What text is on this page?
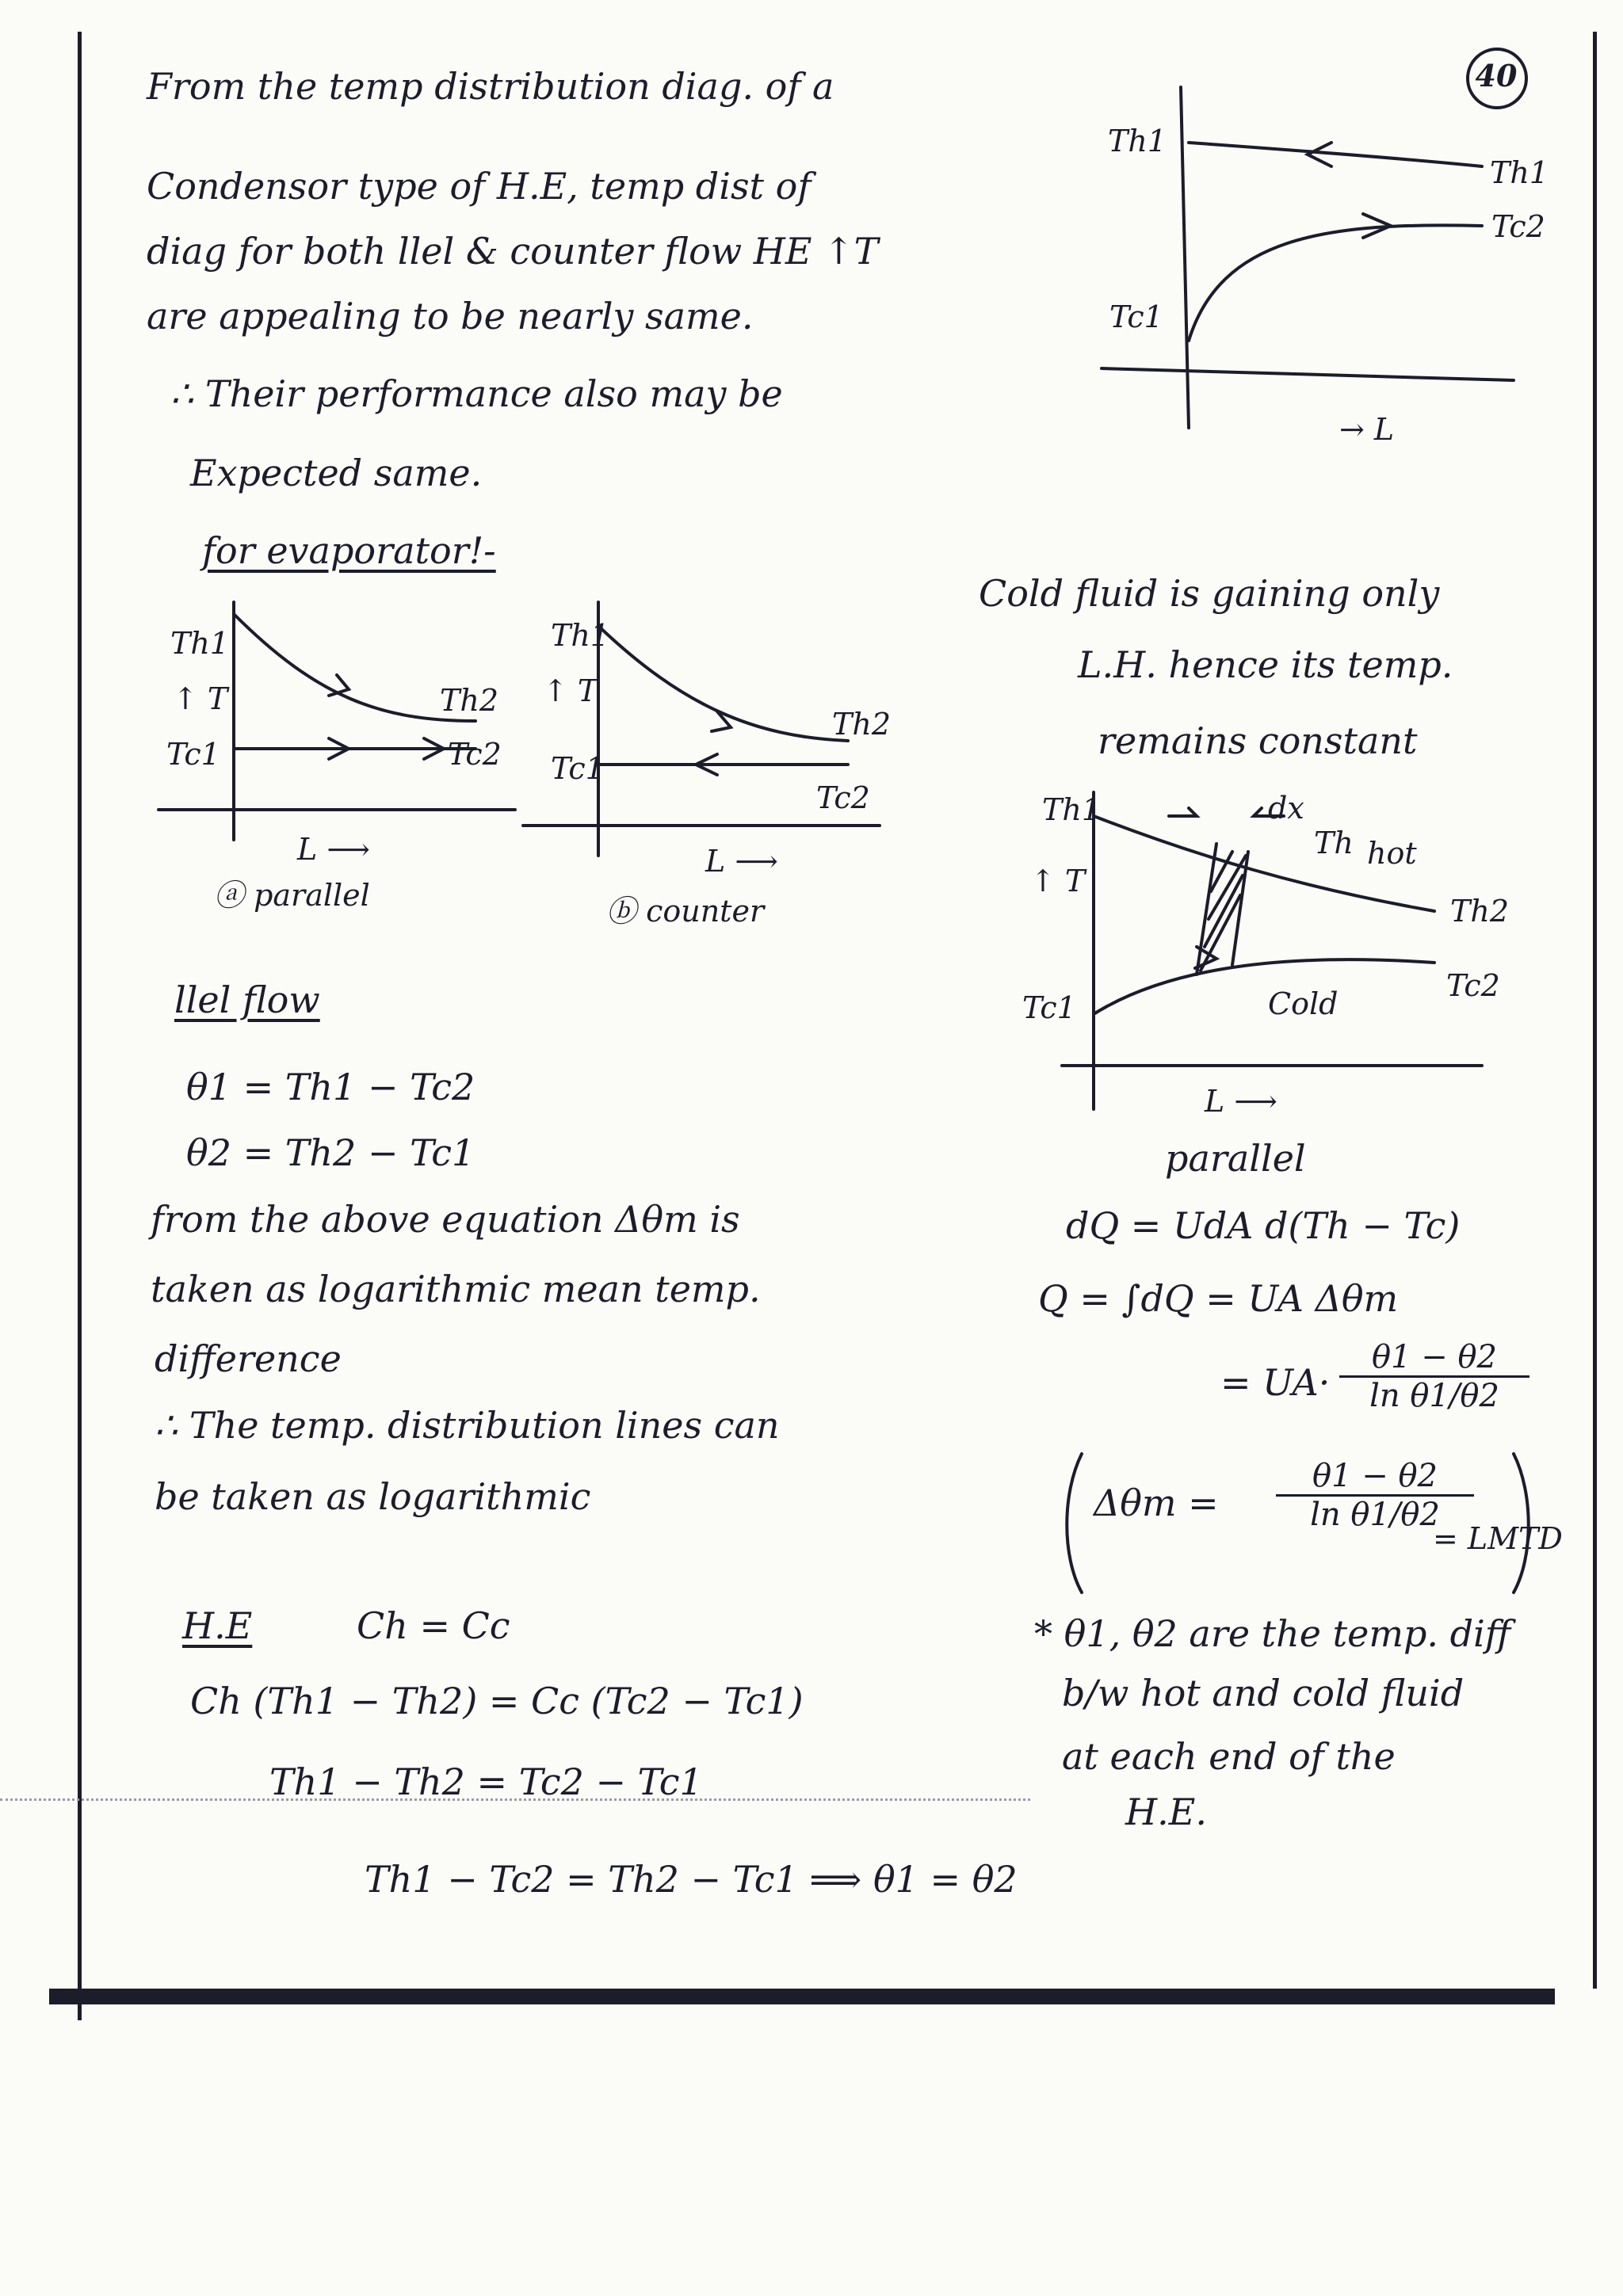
40
From the temp distribution diag. of a
Condensor type of H.E, temp dist of
diag for both llel & counter flow HE ↑T
are appealing to be nearly same.
∴ Their performance also may be
Expected same.
Th1
Th1
Tc2
Tc1
→ L
for evaporator!-
Th1
Th2
Tc1	Tc2
↑ T
L ⟶
ⓐ parallel
Th1
Th2
Tc1
Tc2
↑ T
L ⟶
ⓑ counter
Cold fluid is gaining only
L.H. hence its temp.
remains constant
Th1	dx
Th hot
Th2
↑ T
Tc1	Cold
Tc2
L ⟶
parallel
llel flow
θ1 = Th1 − Tc2
θ2 = Th2 − Tc1
from the above equation Δθm is
taken as logarithmic mean temp.
difference
∴ The temp. distribution lines can
be taken as logarithmic
dQ = UdA d(Th − Tc)
Q = ∫dQ = UA Δθm
= $UA\cdot \frac{\theta 1 - \theta 2}{\text{ln θ1/θ2}}$
$\Delta\theta m = \frac{\theta 1 - \theta 2}{\text{ln θ1/θ2}}$
= LMTD
* θ1, θ2 are the temp. diff
b/w hot and cold fluid
at each end of the
H.E.
H.E	Ch = Cc
Ch (Th1 − Th2) = Cc (Tc2 − Tc1)
Th1 − Th2 = Tc2 − Tc1
Th1 − Tc2 = Th2 − Tc1 ⟹ θ1 = θ2
